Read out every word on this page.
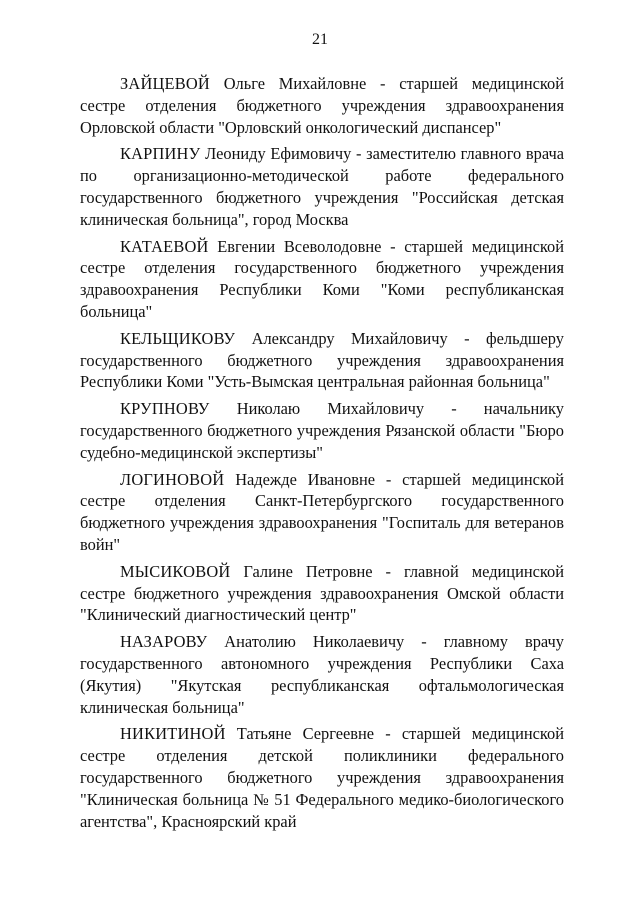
21

ЗАЙЦЕВОЙ Ольге Михайловне - старшей медицинской сестре отделения бюджетного учреждения здравоохранения Орловской области "Орловский онкологический диспансер"

КАРПИНУ Леониду Ефимовичу - заместителю главного врача по организационно-методической работе федерального государственного бюджетного учреждения "Российская детская клиническая больница", город Москва

КАТАЕВОЙ Евгении Всеволодовне - старшей медицинской сестре отделения государственного бюджетного учреждения здравоохранения Республики Коми "Коми республиканская больница"

КЕЛЬЩИКОВУ Александру Михайловичу - фельдшеру государственного бюджетного учреждения здравоохранения Республики Коми "Усть-Вымская центральная районная больница"

КРУПНОВУ Николаю Михайловичу - начальнику государственного бюджетного учреждения Рязанской области "Бюро судебно-медицинской экспертизы"

ЛОГИНОВОЙ Надежде Ивановне - старшей медицинской сестре отделения Санкт-Петербургского государственного бюджетного учреждения здравоохранения "Госпиталь для ветеранов войн"

МЫСИКОВОЙ Галине Петровне - главной медицинской сестре бюджетного учреждения здравоохранения Омской области "Клинический диагностический центр"

НАЗАРОВУ Анатолию Николаевичу - главному врачу государственного автономного учреждения Республики Саха (Якутия) "Якутская республиканская офтальмологическая клиническая больница"

НИКИТИНОЙ Татьяне Сергеевне - старшей медицинской сестре отделения детской поликлиники федерального государственного бюджетного учреждения здравоохранения "Клиническая больница № 51 Федерального медико-биологического агентства", Красноярский край
